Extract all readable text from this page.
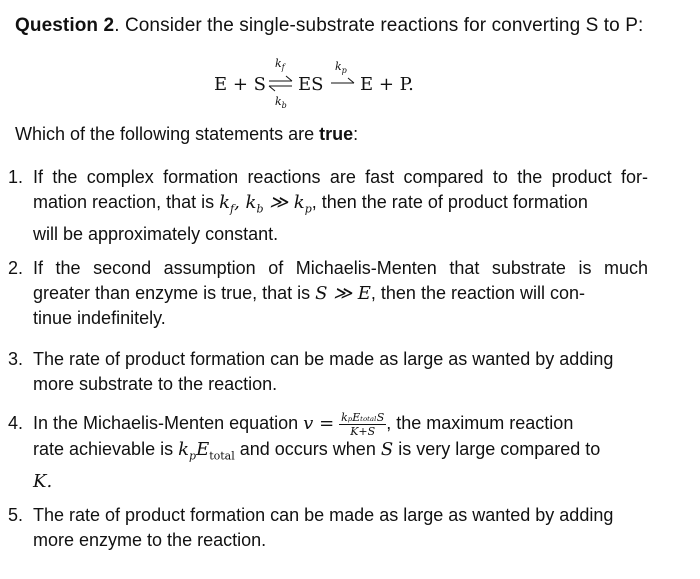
Question 2. Consider the single-substrate reactions for converting S to P:
E + S
$k_f$
$k_b$
ES
$k_p$
E + P.
Which of the following statements are true:
1. If the complex formation reactions are fast compared to the product for-
mation reaction, that is $k_f$, $k_b$ ≫ $k_p$, then the rate of product formation
will be approximately constant.
2. If the second assumption of Michaelis-Menten that substrate is much
greater than enzyme is true, that is S ≫ E, then the reaction will con-
tinue indefinitely.
3. The rate of product formation can be made as large as wanted by adding
more substrate to the reaction.
4. In the Michaelis-Menten equation $v = \frac{\text{kₚEₜₒₜₐₗS}}{K+S}$ , the maximum reaction
rate achievable is $k_pE_{total}$ and occurs when S is very large compared to
K.
5. The rate of product formation can be made as large as wanted by adding
more enzyme to the reaction.
